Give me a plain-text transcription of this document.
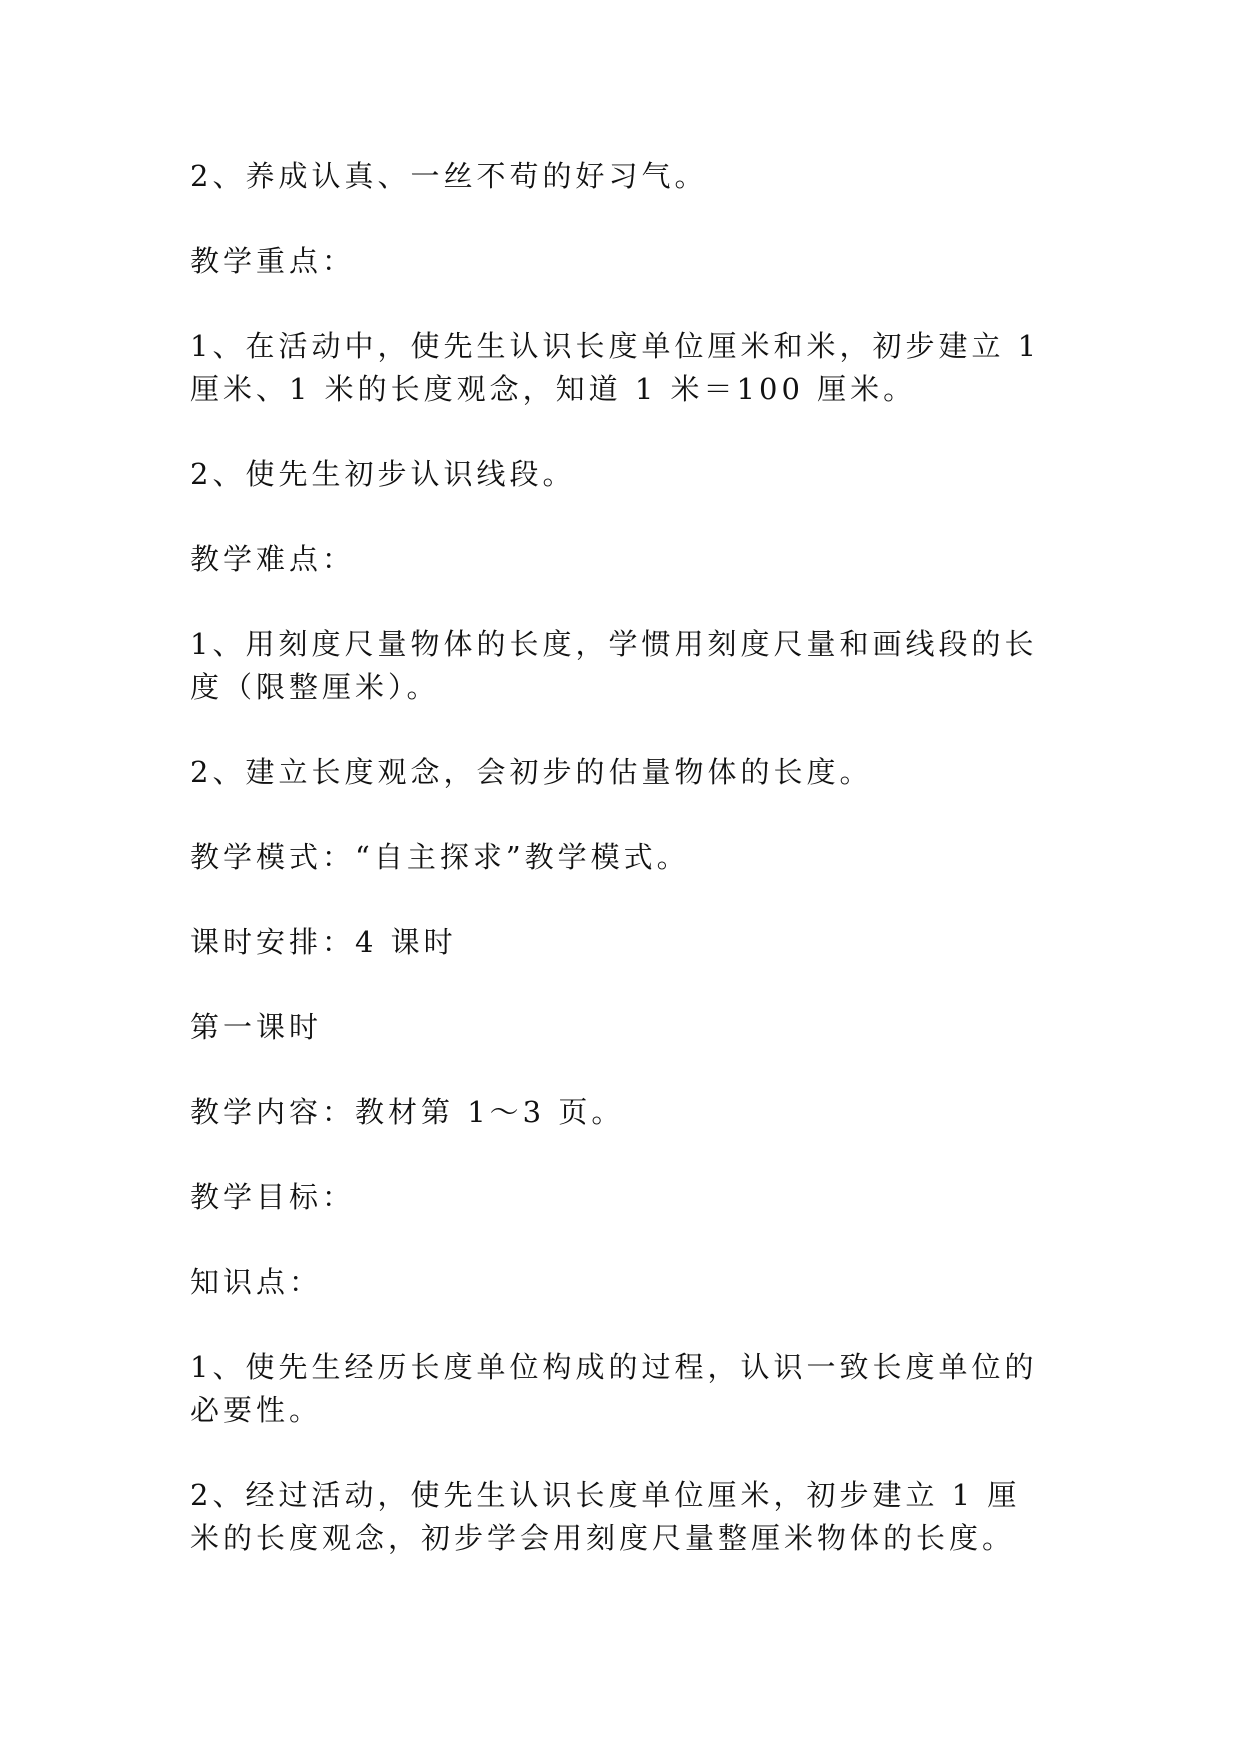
2、养成认真、一丝不苟的好习气。

教学重点：

1、在活动中，使先生认识长度单位厘米和米，初步建立 1 厘米、1 米的长度观念，知道 1 米＝100 厘米。

2、使先生初步认识线段。

教学难点：

1、用刻度尺量物体的长度，学惯用刻度尺量和画线段的长度（限整厘米）。

2、建立长度观念，会初步的估量物体的长度。

教学模式：“自主探求”教学模式。

课时安排：4 课时

第一课时

教学内容：教材第 1～3 页。

教学目标：

知识点：

1、使先生经历长度单位构成的过程，认识一致长度单位的必要性。

2、经过活动，使先生认识长度单位厘米，初步建立 1 厘米的长度观念，初步学会用刻度尺量整厘米物体的长度。
